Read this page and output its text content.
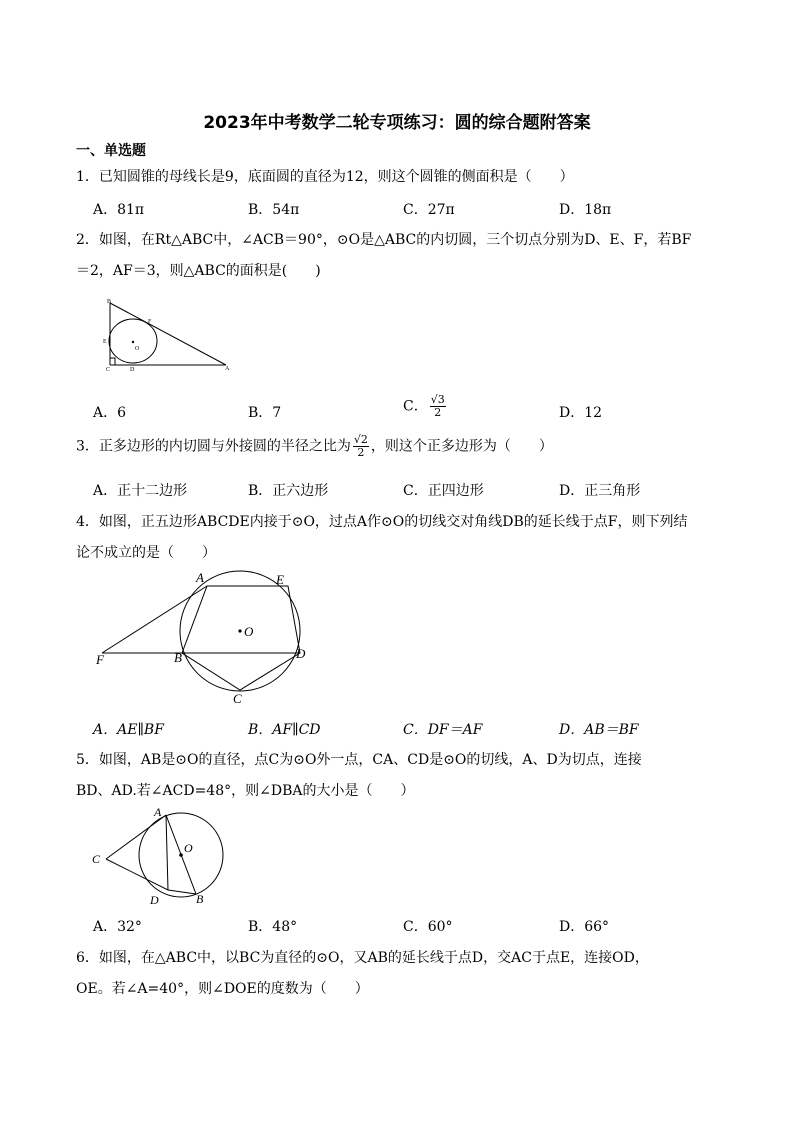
2023年中考数学二轮专项练习：圆的综合题附答案
一、单选题
1．已知圆锥的母线长是9，底面圆的直径为12，则这个圆锥的侧面积是（　　）
A．81π	B．54π	C．27π	D．18π
2．如图，在Rt△ABC中，∠ACB＝90°，⊙O是△ABC的内切圆，三个切点分别为D、E、F，若BF
＝2，AF＝3，则△ABC的面积是(　　)
B
F
E
O
C	D	A
A．6	B．7	C． $\frac{√3}{2}$	D．12
3．正多边形的内切圆与外接圆的半径之比为 $\frac{√2}{2}$ ，则这个正多边形为（　　）
A．正十二边形	B．正六边形	C．正四边形	D．正三角形
4．如图，正五边形ABCDE内接于⊙O，过点A作⊙O的切线交对角线DB的延长线于点F，则下列结
论不成立的是（　　）
A	E
O
F	B	D
C
A．AE∥BF	B．AF∥CD	C．DF＝AF	D．AB＝BF
5．如图，AB是⊙O的直径，点C为⊙O外一点，CA、CD是⊙O的切线，A、D为切点，连接
BD、AD.若∠ACD=48°，则∠DBA的大小是（　　）
A
O
C
D	B
A．32°	B．48°	C．60°	D．66°
6．如图，在△ABC中，以BC为直径的⊙O，又AB的延长线于点D，交AC于点E，连接OD，
OE。若∠A=40°，则∠DOE的度数为（　　）
